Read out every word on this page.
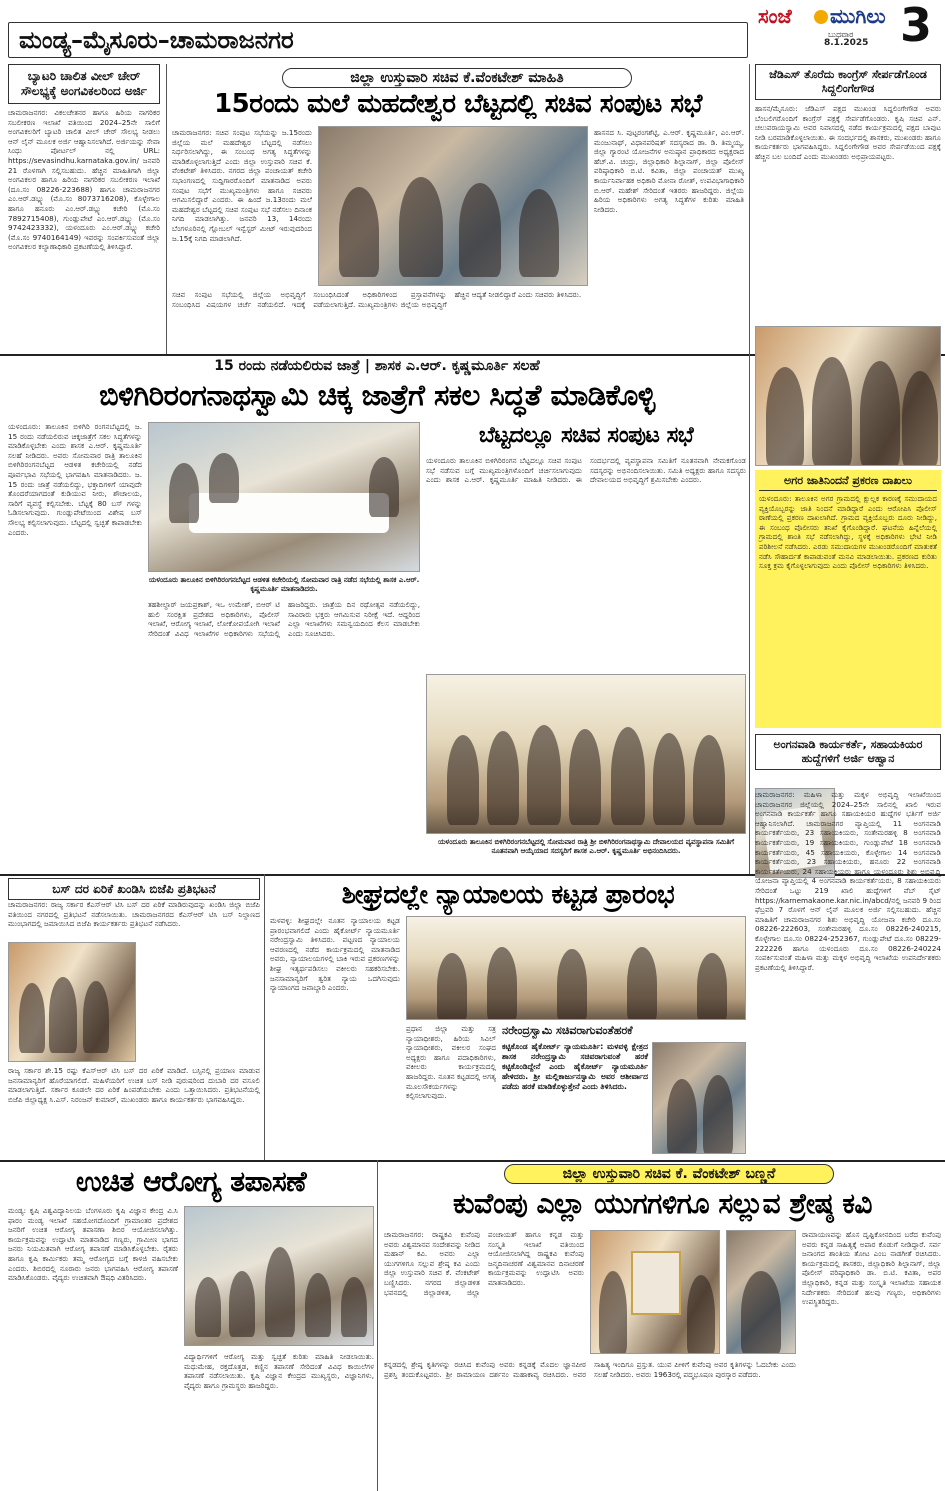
ಮಂಡ್ಯ–ಮೈಸೂರು–ಚಾಮರಾಜನಗರ
ಸಂಜೆ ಮುಗಿಲು
ಬುಧವಾರ
8.1.2025 3
ಬ್ಯಾಟರಿ ಚಾಲಿತ ವೀಲ್ ಚೇರ್ ಸೌಲಭ್ಯಕ್ಕೆ ಅಂಗವಿಕಲರಿಂದ ಅರ್ಜಿ
ಚಾಮರಾಜನಗರ: ವಿಕಲಚೇತನರ ಹಾಗೂ ಹಿರಿಯ ನಾಗರಿಕರ ಸಬಲೀಕರಣ ಇಲಾಖೆ ವತಿಯಿಂದ 2024–25ನೇ ಸಾಲಿಗೆ ಅಂಗವಿಕಲರಿಗೆ ಬ್ಯಾಟರಿ ಚಾಲಿತ ವೀಲ್ ಚೇರ್ ಸೌಲಭ್ಯ ನೀಡಲು ಆನ್ ಲೈನ್ ಮೂಲಕ ಅರ್ಜಿ ಆಹ್ವಾನಿಸಲಾಗಿದೆ. ಅರ್ಜಿಯನ್ನು ಸೇವಾ ಸಿಂಧು ಪೋರ್ಟಲ್ ನಲ್ಲಿ URL: https://sevasindhu.karnataka.gov.in/ ಜನವರಿ 21 ರೊಳಗಾಗಿ ಸಲ್ಲಿಸಬಹುದು. ಹೆಚ್ಚಿನ ಮಾಹಿತಿಗಾಗಿ ಜಿಲ್ಲಾ ಅಂಗವಿಕಲರ ಹಾಗೂ ಹಿರಿಯ ನಾಗರಿಕರ ಸಬಲೀಕರಣ ಇಲಾಖೆ (ದೂ.ಸಂ 08226-223688) ಹಾಗೂ ಚಾಮರಾಜನಗರ ಎಂ.ಆರ್.ಡಬ್ಲ್ಯು (ಮೊ.ಸಂ 8073716208), ಕೊಳ್ಳೇಗಾಲ ಹಾಗೂ ಹನೂರು ಎಂ.ಆರ್.ಡಬ್ಲ್ಯು ಕಚೇರಿ (ಮೊ.ಸಂ 7892715408), ಗುಂಡ್ಲುಪೇಟೆ ಎಂ.ಆರ್.ಡಬ್ಲ್ಯು (ಮೊ.ಸಂ 9742423332), ಯಳಂದೂರು ಎಂ.ಆರ್.ಡಬ್ಲ್ಯು ಕಚೇರಿ (ಮೊ.ಸಂ 9740164149) ಇವರನ್ನು ಸಂಪರ್ಕಿಸುವಂತೆ ಜಿಲ್ಲಾ ಅಂಗವಿಕಲರ ಕಲ್ಯಾಣಾಧಿಕಾರಿ ಪ್ರಕಟಣೆಯಲ್ಲಿ ತಿಳಿಸಿದ್ದಾರೆ.
ಜಿಲ್ಲಾ ಉಸ್ತುವಾರಿ ಸಚಿವ ಕೆ.ವೆಂಕಟೇಶ್ ಮಾಹಿತಿ
15ರಂದು ಮಲೆ ಮಹದೇಶ್ವರ ಬೆಟ್ಟದಲ್ಲಿ ಸಚಿವ ಸಂಪುಟ ಸಭೆ
ಚಾಮರಾಜನಗರ: ಸಚಿವ ಸಂಪುಟ ಸಭೆಯನ್ನು ಜ.15ರಂದು ಜಿಲ್ಲೆಯ ಮಲೆ ಮಹದೇಶ್ವರ ಬೆಟ್ಟದಲ್ಲಿ ನಡೆಸಲು ನಿರ್ಧರಿಸಲಾಗಿದ್ದು, ಈ ಸಂಬಂಧ ಅಗತ್ಯ ಸಿದ್ಧತೆಗಳನ್ನು ಮಾಡಿಕೊಳ್ಳಲಾಗುತ್ತಿದೆ ಎಂದು ಜಿಲ್ಲಾ ಉಸ್ತುವಾರಿ ಸಚಿವ ಕೆ. ವೆಂಕಟೇಶ್ ತಿಳಿಸಿದರು. ನಗರದ ಜಿಲ್ಲಾ ಪಂಚಾಯತ್ ಕಚೇರಿ ಸಭಾಂಗಣದಲ್ಲಿ ಸುದ್ದಿಗಾರರೊಂದಿಗೆ ಮಾತನಾಡಿದ ಅವರು ಸಂಪುಟ ಸಭೆಗೆ ಮುಖ್ಯಮಂತ್ರಿಗಳು ಹಾಗೂ ಸಚಿವರು ಆಗಮಿಸಲಿದ್ದಾರೆ ಎಂದರು. ಈ ಹಿಂದೆ ಜ.13ರಂದು ಮಲೆ ಮಹದೇಶ್ವರ ಬೆಟ್ಟದಲ್ಲಿ ಸಚಿವ ಸಂಪುಟ ಸಭೆ ನಡೆಸಲು ದಿನಾಂಕ ನಿಗದಿ ಮಾಡಲಾಗಿತ್ತು. ಜನವರಿ 13, 14ರಂದು ಬೆಂಗಳೂರಿನಲ್ಲಿ ಗ್ಲೋಬಲ್ ಇನ್ವೆಸ್ಟರ್ ಮೀಟ್ ಇರುವುದರಿಂದ ಜ.15ಕ್ಕೆ ನಿಗದಿ ಮಾಡಲಾಗಿದೆ.
ಹಾಸನದ ಸಿ. ಪುಟ್ಟರಂಗಶೆಟ್ಟಿ, ಎ.ಆರ್. ಕೃಷ್ಣಮೂರ್ತಿ, ಎಂ.ಆರ್. ಮಂಜುನಾಥ್, ವಿಧಾನಪರಿಷತ್ ಸದಸ್ಯರಾದ ಡಾ. ಡಿ. ತಿಮ್ಮಯ್ಯ, ಜಿಲ್ಲಾ ಗ್ಯಾರಂಟಿ ಯೋಜನೆಗಳ ಅನುಷ್ಠಾನ ಪ್ರಾಧಿಕಾರದ ಅಧ್ಯಕ್ಷರಾದ ಹೆಚ್.ವಿ. ಚಂದ್ರು, ಜಿಲ್ಲಾಧಿಕಾರಿ ಶಿಲ್ಪಾನಾಗ್, ಜಿಲ್ಲಾ ಪೊಲೀಸ್ ವರಿಷ್ಠಾಧಿಕಾರಿ ಬಿ.ಟಿ. ಕವಿತಾ, ಜಿಲ್ಲಾ ಪಂಚಾಯತ್ ಮುಖ್ಯ ಕಾರ್ಯನಿರ್ವಾಹಕ ಅಧಿಕಾರಿ ಮೋನಾ ರೋತ್, ಉಪವಿಭಾಗಾಧಿಕಾರಿ ಬಿ.ಆರ್. ಮಹೇಶ್ ಸೇರಿದಂತೆ ಇತರರು ಹಾಜರಿದ್ದರು. ಜಿಲ್ಲೆಯ ಹಿರಿಯ ಅಧಿಕಾರಿಗಳು ಅಗತ್ಯ ಸಿದ್ಧತೆಗಳ ಕುರಿತು ಮಾಹಿತಿ ನೀಡಿದರು.
ಸಚಿವ ಸಂಪುಟ ಸಭೆಯಲ್ಲಿ ಜಿಲ್ಲೆಯ ಅಭಿವೃದ್ಧಿಗೆ ಸಂಬಂಧಿಸಿದ ವಿಷಯಗಳ ಚರ್ಚೆ ನಡೆಯಲಿದೆ. ಇದಕ್ಕೆ ಸಂಬಂಧಿಸಿದಂತೆ ಅಧಿಕಾರಿಗಳಿಂದ ಪ್ರಸ್ತಾವನೆಗಳನ್ನು ಪಡೆಯಲಾಗುತ್ತಿದೆ. ಮುಖ್ಯಮಂತ್ರಿಗಳು ಜಿಲ್ಲೆಯ ಅಭಿವೃದ್ಧಿಗೆ ಹೆಚ್ಚಿನ ಆದ್ಯತೆ ನೀಡಲಿದ್ದಾರೆ ಎಂದು ಸಚಿವರು ತಿಳಿಸಿದರು.
ಜೆಡಿಎಸ್ ತೊರೆದು ಕಾಂಗ್ರೆಸ್ ಸೇರ್ಪಡೆಗೊಂಡ ಸಿದ್ದಲಿಂಗೇಗೌಡ
ಹಾಸನ/ಮೈಸೂರು: ಜೆಡಿಎಸ್ ಪಕ್ಷದ ಮುಖಂಡ ಸಿದ್ದಲಿಂಗೇಗೌಡ ಅವರು ಬೆಂಬಲಿಗರೊಂದಿಗೆ ಕಾಂಗ್ರೆಸ್ ಪಕ್ಷಕ್ಕೆ ಸೇರ್ಪಡೆಗೊಂಡರು. ಕೃಷಿ ಸಚಿವ ಎನ್. ಚಲುವರಾಯಸ್ವಾಮಿ ಅವರ ನಿವಾಸದಲ್ಲಿ ನಡೆದ ಕಾರ್ಯಕ್ರಮದಲ್ಲಿ ಪಕ್ಷದ ಬಾವುಟ ನೀಡಿ ಬರಮಾಡಿಕೊಳ್ಳಲಾಯಿತು. ಈ ಸಂದರ್ಭದಲ್ಲಿ ಶಾಸಕರು, ಮುಖಂಡರು ಹಾಗೂ ಕಾರ್ಯಕರ್ತರು ಭಾಗವಹಿಸಿದ್ದರು. ಸಿದ್ದಲಿಂಗೇಗೌಡ ಅವರ ಸೇರ್ಪಡೆಯಿಂದ ಪಕ್ಷಕ್ಕೆ ಹೆಚ್ಚಿನ ಬಲ ಬಂದಿದೆ ಎಂದು ಮುಖಂಡರು ಅಭಿಪ್ರಾಯಪಟ್ಟರು.
15 ರಂದು ನಡೆಯಲಿರುವ ಜಾತ್ರೆ | ಶಾಸಕ ಎ.ಆರ್. ಕೃಷ್ಣಮೂರ್ತಿ ಸಲಹೆ
ಬಿಳಿಗಿರಿರಂಗನಾಥಸ್ವಾಮಿ ಚಿಕ್ಕ ಜಾತ್ರೆಗೆ ಸಕಲ ಸಿದ್ಧತೆ ಮಾಡಿಕೊಳ್ಳಿ
ಯಳಂದೂರು: ತಾಲೂಕಿನ ಬಿಳಿಗಿರಿ ರಂಗನಬೆಟ್ಟದಲ್ಲಿ ಜ. 15 ರಂದು ನಡೆಯಲಿರುವ ಚಿಕ್ಕಜಾತ್ರೆಗೆ ಸಕಲ ಸಿದ್ಧತೆಗಳನ್ನು ಮಾಡಿಕೊಳ್ಳಬೇಕು ಎಂದು ಶಾಸಕ ಎ.ಆರ್. ಕೃಷ್ಣಮೂರ್ತಿ ಸಲಹೆ ನೀಡಿದರು. ಅವರು ಸೋಮವಾರ ರಾತ್ರಿ ತಾಲೂಕಿನ ಬಿಳಿಗಿರಿರಂಗನಬೆಟ್ಟದ ಆಡಳಿತ ಕಚೇರಿಯಲ್ಲಿ ನಡೆದ ಪೂರ್ವಭಾವಿ ಸಭೆಯಲ್ಲಿ ಭಾಗವಹಿಸಿ ಮಾತನಾಡಿದರು. ಜ. 15 ರಂದು ಜಾತ್ರೆ ನಡೆಯಲಿದ್ದು, ಭಕ್ತಾದಿಗಳಿಗೆ ಯಾವುದೇ ತೊಂದರೆಯಾಗದಂತೆ ಕುಡಿಯುವ ನೀರು, ಶೌಚಾಲಯ, ಸಾರಿಗೆ ವ್ಯವಸ್ಥೆ ಕಲ್ಪಿಸಬೇಕು. ಬೆಟ್ಟಕ್ಕೆ 80 ಬಸ್ ಗಳನ್ನು ಓಡಿಸಲಾಗುವುದು. ಗುಂಡ್ಲುಪೇಟೆಯಿಂದ ವಿಶೇಷ ಬಸ್ ಸೌಲಭ್ಯ ಕಲ್ಪಿಸಲಾಗುವುದು. ಬೆಟ್ಟದಲ್ಲಿ ಸ್ವಚ್ಛತೆ ಕಾಪಾಡಬೇಕು ಎಂದರು.
ಯಳಂದೂರು ತಾಲೂಕಿನ ಬಿಳಿಗಿರಿರಂಗನಬೆಟ್ಟದ ಆಡಳಿತ ಕಚೇರಿಯಲ್ಲಿ ಸೋಮವಾರ ರಾತ್ರಿ ನಡೆದ ಸಭೆಯಲ್ಲಿ ಶಾಸಕ ಎ.ಆರ್. ಕೃಷ್ಣಮೂರ್ತಿ ಮಾತನಾಡಿದರು.
ತಹಶೀಲ್ದಾರ್ ಜಯಪ್ರಕಾಶ್, ಇಒ ಉಮೇಶ್, ಬಿಆರ್ ಟಿ ಹುಲಿ ಸಂರಕ್ಷಿತ ಪ್ರದೇಶದ ಅಧಿಕಾರಿಗಳು, ಪೊಲೀಸ್ ಇಲಾಖೆ, ಆರೋಗ್ಯ ಇಲಾಖೆ, ಲೋಕೋಪಯೋಗಿ ಇಲಾಖೆ ಸೇರಿದಂತೆ ವಿವಿಧ ಇಲಾಖೆಗಳ ಅಧಿಕಾರಿಗಳು ಸಭೆಯಲ್ಲಿ ಹಾಜರಿದ್ದರು. ಜಾತ್ರೆಯ ದಿನ ರಥೋತ್ಸವ ನಡೆಯಲಿದ್ದು, ಸಾವಿರಾರು ಭಕ್ತರು ಆಗಮಿಸುವ ನಿರೀಕ್ಷೆ ಇದೆ. ಆದ್ದರಿಂದ ಎಲ್ಲಾ ಇಲಾಖೆಗಳು ಸಮನ್ವಯದಿಂದ ಕೆಲಸ ಮಾಡಬೇಕು ಎಂದು ಸೂಚಿಸಿದರು.
ಬೆಟ್ಟದಲ್ಲೂ ಸಚಿವ ಸಂಪುಟ ಸಭೆ
ಯಳಂದೂರು ತಾಲೂಕಿನ ಬಿಳಿಗಿರಿರಂಗನ ಬೆಟ್ಟದಲ್ಲೂ ಸಚಿವ ಸಂಪುಟ ಸಭೆ ನಡೆಸುವ ಬಗ್ಗೆ ಮುಖ್ಯಮಂತ್ರಿಗಳೊಂದಿಗೆ ಚರ್ಚಿಸಲಾಗುವುದು ಎಂದು ಶಾಸಕ ಎ.ಆರ್. ಕೃಷ್ಣಮೂರ್ತಿ ಮಾಹಿತಿ ನೀಡಿದರು. ಈ ಸಂದರ್ಭದಲ್ಲಿ ವ್ಯವಸ್ಥಾಪನಾ ಸಮಿತಿಗೆ ನೂತನವಾಗಿ ನೇಮಕಗೊಂಡ ಸದಸ್ಯರನ್ನು ಅಭಿನಂದಿಸಲಾಯಿತು. ಸಮಿತಿ ಅಧ್ಯಕ್ಷರು ಹಾಗೂ ಸದಸ್ಯರು ದೇವಾಲಯದ ಅಭಿವೃದ್ಧಿಗೆ ಶ್ರಮಿಸಬೇಕು ಎಂದರು.
ಯಳಂದೂರು ತಾಲೂಕಿನ ಬಿಳಿಗಿರಿರಂಗನಬೆಟ್ಟದಲ್ಲಿ ಸೋಮವಾರ ರಾತ್ರಿ ಶ್ರೀ ಬಿಳಿಗಿರಿರಂಗನಾಥಸ್ವಾಮಿ ದೇವಾಲಯದ ವ್ಯವಸ್ಥಾಪನಾ ಸಮಿತಿಗೆ ನೂತನವಾಗಿ ಆಯ್ಕೆಯಾದ ಸದಸ್ಯರಿಗೆ ಶಾಸಕ ಎ.ಆರ್. ಕೃಷ್ಣಮೂರ್ತಿ ಅಭಿನಂದಿಸಿದರು.
ಅಗರ ಜಾತಿನಿಂದನೆ ಪ್ರಕರಣ ದಾಖಲು
ಯಳಂದೂರು: ತಾಲೂಕಿನ ಅಗರ ಗ್ರಾಮದಲ್ಲಿ ಕ್ಷುಲ್ಲಕ ಕಾರಣಕ್ಕೆ ಸಮುದಾಯದ ವ್ಯಕ್ತಿಯೊಬ್ಬರನ್ನು ಜಾತಿ ನಿಂದನೆ ಮಾಡಿದ್ದಾರೆ ಎಂದು ಆರೋಪಿಸಿ ಪೊಲೀಸ್ ಠಾಣೆಯಲ್ಲಿ ಪ್ರಕರಣ ದಾಖಲಾಗಿದೆ. ಗ್ರಾಮದ ವ್ಯಕ್ತಿಯೊಬ್ಬರು ದೂರು ನೀಡಿದ್ದು, ಈ ಸಂಬಂಧ ಪೊಲೀಸರು ತನಿಖೆ ಕೈಗೊಂಡಿದ್ದಾರೆ. ಘಟನೆಯ ಹಿನ್ನೆಲೆಯಲ್ಲಿ ಗ್ರಾಮದಲ್ಲಿ ಶಾಂತಿ ಸಭೆ ನಡೆಸಲಾಗಿದ್ದು, ಸ್ಥಳಕ್ಕೆ ಅಧಿಕಾರಿಗಳು ಭೇಟಿ ನೀಡಿ ಪರಿಶೀಲನೆ ನಡೆಸಿದರು. ಎರಡು ಸಮುದಾಯಗಳ ಮುಖಂಡರೊಂದಿಗೆ ಮಾತುಕತೆ ನಡೆಸಿ ಸೌಹಾರ್ದತೆ ಕಾಪಾಡುವಂತೆ ಮನವಿ ಮಾಡಲಾಯಿತು. ಪ್ರಕರಣದ ಕುರಿತು ಸೂಕ್ತ ಕ್ರಮ ಕೈಗೊಳ್ಳಲಾಗುವುದು ಎಂದು ಪೊಲೀಸ್ ಅಧಿಕಾರಿಗಳು ತಿಳಿಸಿದರು.
ಅಂಗನವಾಡಿ ಕಾರ್ಯಕರ್ತೆ, ಸಹಾಯಕಿಯರ ಹುದ್ದೆಗಳಿಗೆ ಅರ್ಜಿ ಆಹ್ವಾನ
ಚಾಮರಾಜನಗರ: ಮಹಿಳಾ ಮತ್ತು ಮಕ್ಕಳ ಅಭಿವೃದ್ಧಿ ಇಲಾಖೆಯಿಂದ ಚಾಮರಾಜನಗರ ಜಿಲ್ಲೆಯಲ್ಲಿ 2024–25ನೇ ಸಾಲಿನಲ್ಲಿ ಖಾಲಿ ಇರುವ ಅಂಗನವಾಡಿ ಕಾರ್ಯಕರ್ತೆ ಹಾಗೂ ಸಹಾಯಕಿಯರ ಹುದ್ದೆಗಳ ಭರ್ತಿಗೆ ಅರ್ಜಿ ಆಹ್ವಾನಿಸಲಾಗಿದೆ. ಚಾಮರಾಜನಗರ ವ್ಯಾಪ್ತಿಯಲ್ಲಿ 11 ಅಂಗನವಾಡಿ ಕಾರ್ಯಕರ್ತೆಯರು, 23 ಸಹಾಯಕಿಯರು, ಸಂತೇಮರಹಳ್ಳಿ 8 ಅಂಗನವಾಡಿ ಕಾರ್ಯಕರ್ತೆಯರು, 19 ಸಹಾಯಕಿಯರು, ಗುಂಡ್ಲುಪೇಟೆ 18 ಅಂಗನವಾಡಿ ಕಾರ್ಯಕರ್ತೆಯರು, 45 ಸಹಾಯಕಿಯರು, ಕೊಳ್ಳೇಗಾಲ 14 ಅಂಗನವಾಡಿ ಕಾರ್ಯಕರ್ತೆಯರು, 23 ಸಹಾಯಕಿಯರು, ಹನೂರು 22 ಅಂಗನವಾಡಿ ಕಾರ್ಯಕರ್ತೆಯರು, 24 ಸಹಾಯಕಿಯರು ಹಾಗೂ ಯಳಂದೂರು ಶಿಶು ಅಭಿವೃದ್ಧಿ ಯೋಜನಾ ವ್ಯಾಪ್ತಿಯಲ್ಲಿ 4 ಅಂಗನವಾಡಿ ಕಾರ್ಯಕರ್ತೆಯರು, 8 ಸಹಾಯಕಿಯರು ಸೇರಿದಂತೆ ಒಟ್ಟು 219 ಖಾಲಿ ಹುದ್ದೆಗಳಿಗೆ ವೆಬ್ ಸೈಟ್ https://karnemakaone.kar.nic.in/abcd/ನಲ್ಲಿ ಜನವರಿ 9 ರಿಂದ ಫೆಬ್ರವರಿ 7 ರೊಳಗೆ ಆನ್ ಲೈನ್ ಮೂಲಕ ಅರ್ಜಿ ಸಲ್ಲಿಸಬಹುದು. ಹೆಚ್ಚಿನ ಮಾಹಿತಿಗೆ ಚಾಮರಾಜನಗರ ಶಿಶು ಅಭಿವೃದ್ಧಿ ಯೋಜನಾ ಕಚೇರಿ ದೂ.ಸಂ 08226-222603, ಸಂತೇಮರಹಳ್ಳಿ ದೂ.ಸಂ 08226-240215, ಕೊಳ್ಳೇಗಾಲ ದೂ.ಸಂ 08224-252367, ಗುಂಡ್ಲುಪೇಟೆ ದೂ.ಸಂ 08229-222226 ಹಾಗೂ ಯಳಂದೂರು ದೂ.ಸಂ 08226-240224 ಸಂಪರ್ಕಿಸುವಂತೆ ಮಹಿಳಾ ಮತ್ತು ಮಕ್ಕಳ ಅಭಿವೃದ್ಧಿ ಇಲಾಖೆಯ ಉಪನಿರ್ದೇಶಕರು ಪ್ರಕಟಣೆಯಲ್ಲಿ ತಿಳಿಸಿದ್ದಾರೆ.
ಬಸ್ ದರ ಏರಿಕೆ ಖಂಡಿಸಿ ಬಿಜೆಪಿ ಪ್ರತಿಭಟನೆ
ಚಾಮರಾಜನಗರ: ರಾಜ್ಯ ಸರ್ಕಾರ ಕೆಎಸ್ಆರ್ ಟಿಸಿ ಬಸ್ ದರ ಏರಿಕೆ ಮಾಡಿರುವುದನ್ನು ಖಂಡಿಸಿ ಜಿಲ್ಲಾ ಬಿಜೆಪಿ ವತಿಯಿಂದ ನಗರದಲ್ಲಿ ಪ್ರತಿಭಟನೆ ನಡೆಸಲಾಯಿತು. ಚಾಮರಾಜನಗರದ ಕೆಎಸ್ಆರ್ ಟಿಸಿ ಬಸ್ ನಿಲ್ದಾಣದ ಮುಂಭಾಗದಲ್ಲಿ ಜಮಾಯಿಸಿದ ಬಿಜೆಪಿ ಕಾರ್ಯಕರ್ತರು ಪ್ರತಿಭಟನೆ ನಡೆಸಿದರು.
ರಾಜ್ಯ ಸರ್ಕಾರ ಶೇ.15 ರಷ್ಟು ಕೆಎಸ್ಆರ್ ಟಿಸಿ ಬಸ್ ದರ ಏರಿಕೆ ಮಾಡಿದೆ. ಬಸ್ಸಿನಲ್ಲಿ ಪ್ರಯಾಣ ಮಾಡುವ ಜನಸಾಮಾನ್ಯರಿಗೆ ಹೊರೆಯಾಗಲಿದೆ. ಮಹಿಳೆಯರಿಗೆ ಉಚಿತ ಬಸ್ ನೀಡಿ ಪುರುಷರಿಂದ ದುಬಾರಿ ದರ ವಸೂಲಿ ಮಾಡಲಾಗುತ್ತಿದೆ. ಸರ್ಕಾರ ಕೂಡಲೇ ದರ ಏರಿಕೆ ಹಿಂಪಡೆಯಬೇಕು ಎಂದು ಒತ್ತಾಯಿಸಿದರು. ಪ್ರತಿಭಟನೆಯಲ್ಲಿ ಬಿಜೆಪಿ ಜಿಲ್ಲಾಧ್ಯಕ್ಷ ಸಿ.ಎಸ್. ನಿರಂಜನ್ ಕುಮಾರ್, ಮುಖಂಡರು ಹಾಗೂ ಕಾರ್ಯಕರ್ತರು ಭಾಗವಹಿಸಿದ್ದರು.
ಶೀಘ್ರದಲ್ಲೇ ನ್ಯಾಯಾಲಯ ಕಟ್ಟಡ ಪ್ರಾರಂಭ
ಮಳವಳ್ಳಿ: ಶೀಘ್ರದಲ್ಲೇ ನೂತನ ನ್ಯಾಯಾಲಯ ಕಟ್ಟಡ ಪ್ರಾರಂಭವಾಗಲಿದೆ ಎಂದು ಹೈಕೋರ್ಟ್ ನ್ಯಾಯಮೂರ್ತಿ ನರೇಂದ್ರಸ್ವಾಮಿ ತಿಳಿಸಿದರು. ಪಟ್ಟಣದ ನ್ಯಾಯಾಲಯ ಆವರಣದಲ್ಲಿ ನಡೆದ ಕಾರ್ಯಕ್ರಮದಲ್ಲಿ ಮಾತನಾಡಿದ ಅವರು, ನ್ಯಾಯಾಲಯಗಳಲ್ಲಿ ಬಾಕಿ ಇರುವ ಪ್ರಕರಣಗಳನ್ನು ಶೀಘ್ರ ಇತ್ಯರ್ಥಪಡಿಸಲು ವಕೀಲರು ಸಹಕರಿಸಬೇಕು. ಜನಸಾಮಾನ್ಯರಿಗೆ ತ್ವರಿತ ನ್ಯಾಯ ಒದಗಿಸುವುದು ನ್ಯಾಯಾಂಗದ ಜವಾಬ್ದಾರಿ ಎಂದರು.
ಪ್ರಧಾನ ಜಿಲ್ಲಾ ಮತ್ತು ಸತ್ರ ನ್ಯಾಯಾಧೀಶರು, ಹಿರಿಯ ಸಿವಿಲ್ ನ್ಯಾಯಾಧೀಶರು, ವಕೀಲರ ಸಂಘದ ಅಧ್ಯಕ್ಷರು ಹಾಗೂ ಪದಾಧಿಕಾರಿಗಳು, ವಕೀಲರು ಕಾರ್ಯಕ್ರಮದಲ್ಲಿ ಹಾಜರಿದ್ದರು. ನೂತನ ಕಟ್ಟಡದಲ್ಲಿ ಅಗತ್ಯ ಮೂಲಸೌಕರ್ಯಗಳನ್ನು ಕಲ್ಪಿಸಲಾಗುವುದು.
ನರೇಂದ್ರಸ್ವಾಮಿ ಸಚಿವರಾಗುವಂತೆಹರಕೆ
ಕಟ್ಟಿಕೊಂಡ ಹೈಕೋರ್ಟ್ ನ್ಯಾಯಮೂರ್ತಿ: ಮಳವಳ್ಳಿ ಕ್ಷೇತ್ರದ ಶಾಸಕ ನರೇಂದ್ರಸ್ವಾಮಿ ಸಚಿವರಾಗುವಂತೆ ಹರಕೆ ಕಟ್ಟಿಕೊಂಡಿದ್ದೇನೆ ಎಂದು ಹೈಕೋರ್ಟ್ ನ್ಯಾಯಮೂರ್ತಿ ಹೇಳಿದರು. ಶ್ರೀ ಮಲ್ಲಿಕಾರ್ಜುನಸ್ವಾಮಿ ಅವರ ಆಶೀರ್ವಾದ ಪಡೆದು ಹರಕೆ ಮಾಡಿಕೊಳ್ಳುತ್ತೇನೆ ಎಂದು ತಿಳಿಸಿದರು.
ಉಚಿತ ಆರೋಗ್ಯ ತಪಾಸಣೆ
ಮಂಡ್ಯ: ಕೃಷಿ ವಿಶ್ವವಿದ್ಯಾನಿಲಯ ಬೆಂಗಳೂರು ಕೃಷಿ ವಿಜ್ಞಾನ ಕೇಂದ್ರ ವಿ.ಸಿ ಫಾರಂ ಮಂಡ್ಯ ಇಲಾಖೆ ಸಹಯೋಗದೊಂದಿಗೆ ಗ್ರಾಮಾಂತರ ಪ್ರದೇಶದ ಜನರಿಗೆ ಉಚಿತ ಆರೋಗ್ಯ ತಪಾಸಣಾ ಶಿಬಿರ ಆಯೋಜಿಸಲಾಗಿತ್ತು. ಕಾರ್ಯಕ್ರಮವನ್ನು ಉದ್ಘಾಟಿಸಿ ಮಾತನಾಡಿದ ಗಣ್ಯರು, ಗ್ರಾಮೀಣ ಭಾಗದ ಜನರು ನಿಯಮಿತವಾಗಿ ಆರೋಗ್ಯ ತಪಾಸಣೆ ಮಾಡಿಸಿಕೊಳ್ಳಬೇಕು. ರೈತರು ಹಾಗೂ ಕೃಷಿ ಕಾರ್ಮಿಕರು ತಮ್ಮ ಆರೋಗ್ಯದ ಬಗ್ಗೆ ಕಾಳಜಿ ವಹಿಸಬೇಕು ಎಂದರು. ಶಿಬಿರದಲ್ಲಿ ನೂರಾರು ಜನರು ಭಾಗವಹಿಸಿ ಆರೋಗ್ಯ ತಪಾಸಣೆ ಮಾಡಿಸಿಕೊಂಡರು. ವೈದ್ಯರು ಉಚಿತವಾಗಿ ಔಷಧಿ ವಿತರಿಸಿದರು.
ವಿದ್ಯಾರ್ಥಿಗಳಿಗೆ ಆರೋಗ್ಯ ಮತ್ತು ಸ್ವಚ್ಛತೆ ಕುರಿತು ಮಾಹಿತಿ ನೀಡಲಾಯಿತು. ಮಧುಮೇಹ, ರಕ್ತದೊತ್ತಡ, ಕಣ್ಣಿನ ತಪಾಸಣೆ ಸೇರಿದಂತೆ ವಿವಿಧ ಕಾಯಿಲೆಗಳ ತಪಾಸಣೆ ನಡೆಸಲಾಯಿತು. ಕೃಷಿ ವಿಜ್ಞಾನ ಕೇಂದ್ರದ ಮುಖ್ಯಸ್ಥರು, ವಿಜ್ಞಾನಿಗಳು, ವೈದ್ಯರು ಹಾಗೂ ಗ್ರಾಮಸ್ಥರು ಹಾಜರಿದ್ದರು.
ಜಿಲ್ಲಾ ಉಸ್ತುವಾರಿ ಸಚಿವ ಕೆ. ವೆಂಕಟೇಶ್ ಬಣ್ಣನೆ
ಕುವೆಂಪು ಎಲ್ಲಾ ಯುಗಗಳಿಗೂ ಸಲ್ಲುವ ಶ್ರೇಷ್ಠ ಕವಿ
ಚಾಮರಾಜನಗರ: ರಾಷ್ಟ್ರಕವಿ ಕುವೆಂಪು ಅವರು ವಿಶ್ವಮಾನವ ಸಂದೇಶವನ್ನು ನೀಡಿದ ಮಹಾನ್ ಕವಿ. ಅವರು ಎಲ್ಲಾ ಯುಗಗಳಿಗೂ ಸಲ್ಲುವ ಶ್ರೇಷ್ಠ ಕವಿ ಎಂದು ಜಿಲ್ಲಾ ಉಸ್ತುವಾರಿ ಸಚಿವ ಕೆ. ವೆಂಕಟೇಶ್ ಬಣ್ಣಿಸಿದರು. ನಗರದ ಜಿಲ್ಲಾಡಳಿತ ಭವನದಲ್ಲಿ ಜಿಲ್ಲಾಡಳಿತ, ಜಿಲ್ಲಾ ಪಂಚಾಯತ್ ಹಾಗೂ ಕನ್ನಡ ಮತ್ತು ಸಂಸ್ಕೃತಿ ಇಲಾಖೆ ವತಿಯಿಂದ ಆಯೋಜಿಸಲಾಗಿದ್ದ ರಾಷ್ಟ್ರಕವಿ ಕುವೆಂಪು ಜನ್ಮದಿನಾಚರಣೆ ವಿಶ್ವಮಾನವ ದಿನಾಚರಣೆ ಕಾರ್ಯಕ್ರಮವನ್ನು ಉದ್ಘಾಟಿಸಿ ಅವರು ಮಾತನಾಡಿದರು.
ರಾಮಾಯಣವನ್ನು ಹೊಸ ದೃಷ್ಟಿಕೋನದಿಂದ ಬರೆದ ಕುವೆಂಪು ಅವರು ಕನ್ನಡ ಸಾಹಿತ್ಯಕ್ಕೆ ಅಪಾರ ಕೊಡುಗೆ ನೀಡಿದ್ದಾರೆ. ಸರ್ವ ಜನಾಂಗದ ಶಾಂತಿಯ ತೋಟ ಎಂಬ ನಾಡಗೀತೆ ರಚಿಸಿದರು. ಕಾರ್ಯಕ್ರಮದಲ್ಲಿ ಶಾಸಕರು, ಜಿಲ್ಲಾಧಿಕಾರಿ ಶಿಲ್ಪಾನಾಗ್, ಜಿಲ್ಲಾ ಪೊಲೀಸ್ ವರಿಷ್ಠಾಧಿಕಾರಿ ಡಾ. ಬಿ.ಟಿ. ಕವಿತಾ, ಅಪರ ಜಿಲ್ಲಾಧಿಕಾರಿ, ಕನ್ನಡ ಮತ್ತು ಸಂಸ್ಕೃತಿ ಇಲಾಖೆಯ ಸಹಾಯಕ ನಿರ್ದೇಶಕರು ಸೇರಿದಂತೆ ಹಲವು ಗಣ್ಯರು, ಅಧಿಕಾರಿಗಳು ಉಪಸ್ಥಿತರಿದ್ದರು.
ಕನ್ನಡದಲ್ಲಿ ಶ್ರೇಷ್ಠ ಕೃತಿಗಳನ್ನು ರಚಿಸಿದ ಕುವೆಂಪು ಅವರು ಕನ್ನಡಕ್ಕೆ ಮೊದಲ ಜ್ಞಾನಪೀಠ ಪ್ರಶಸ್ತಿ ತಂದುಕೊಟ್ಟವರು. ಶ್ರೀ ರಾಮಾಯಣ ದರ್ಶನಂ ಮಹಾಕಾವ್ಯ ರಚಿಸಿದರು. ಅವರ ಸಾಹಿತ್ಯ ಇಂದಿಗೂ ಪ್ರಸ್ತುತ. ಯುವ ಪೀಳಿಗೆ ಕುವೆಂಪು ಅವರ ಕೃತಿಗಳನ್ನು ಓದಬೇಕು ಎಂದು ಸಲಹೆ ನೀಡಿದರು. ಅವರು 1963ರಲ್ಲಿ ಪದ್ಮಭೂಷಣ ಪುರಸ್ಕಾರ ಪಡೆದರು.
